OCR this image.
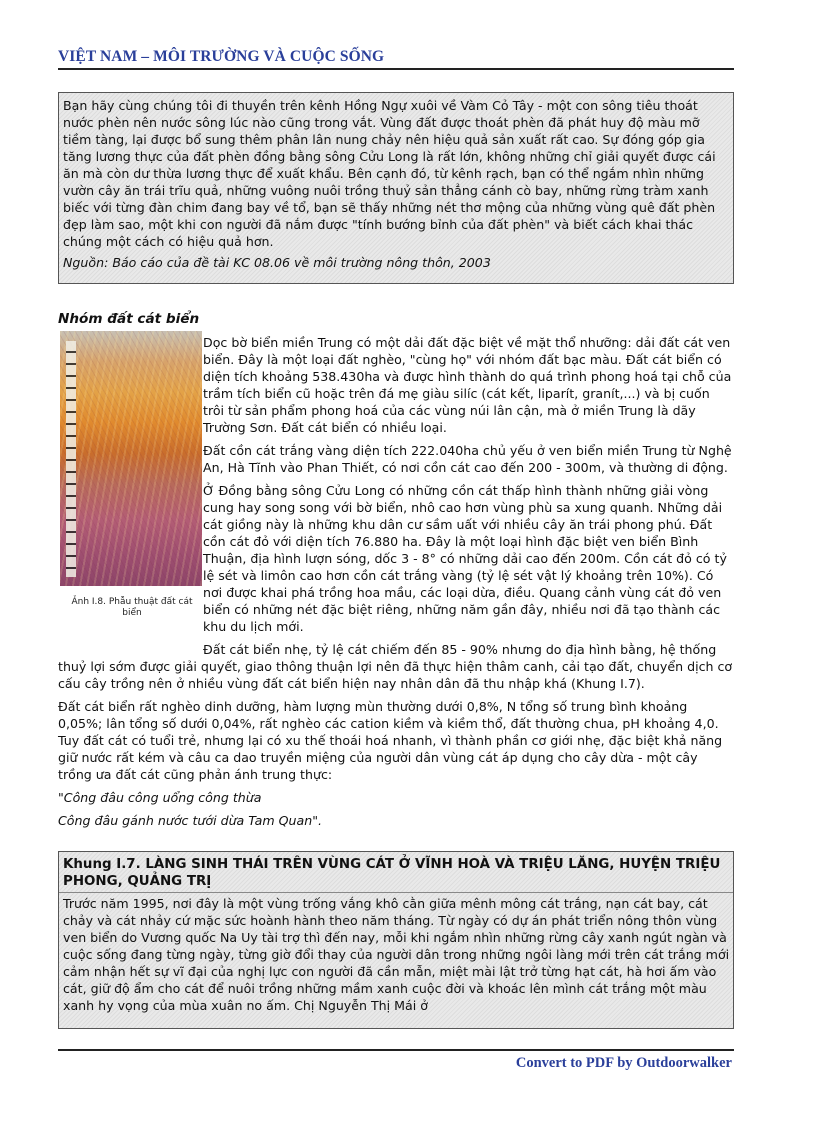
VIỆT NAM – MÔI TRƯỜNG VÀ CUỘC SỐNG
Bạn hãy cùng chúng tôi đi thuyền trên kênh Hồng Ngự xuôi về Vàm Cỏ Tây - một con sông tiêu thoát nước phèn nên nước sông lúc nào cũng trong vắt. Vùng đất được thoát phèn đã phát huy độ màu mỡ tiềm tàng, lại được bổ sung thêm phân lân nung chảy nên hiệu quả sản xuất rất cao. Sự đóng góp gia tăng lương thực của đất phèn đồng bằng sông Cửu Long là rất lớn, không những chỉ giải quyết được cái ăn mà còn dư thừa lương thực để xuất khẩu. Bên cạnh đó, từ kênh rạch, bạn có thể ngắm nhìn những vườn cây ăn trái trĩu quả, những vuông nuôi trồng thuỷ sản thẳng cánh cò bay, những rừng tràm xanh biếc với từng đàn chim đang bay về tổ, bạn sẽ thấy những nét thơ mộng của những vùng quê đất phèn đẹp làm sao, một khi con người đã nắm được "tính bướng bỉnh của đất phèn" và biết cách khai thác chúng một cách có hiệu quả hơn.
Nguồn: Báo cáo của đề tài KC 08.06 về môi trường nông thôn, 2003
Nhóm đất cát biển
Ảnh I.8. Phẫu thuật đất cát biển

Dọc bờ biển miền Trung có một dải đất đặc biệt về mặt thổ nhưỡng: dải đất cát ven biển. Đây là một loại đất nghèo, "cùng họ" với nhóm đất bạc màu. Đất cát biển có diện tích khoảng 538.430ha và được hình thành do quá trình phong hoá tại chỗ của trầm tích biển cũ hoặc trên đá mẹ giàu silíc (cát kết, liparít, granít,...) và bị cuốn trôi từ sản phẩm phong hoá của các vùng núi lân cận, mà ở miền Trung là dãy Trường Sơn. Đất cát biển có nhiều loại.

Đất cồn cát trắng vàng diện tích 222.040ha chủ yếu ở ven biển miền Trung từ Nghệ An, Hà Tĩnh vào Phan Thiết, có nơi cồn cát cao đến 200 - 300m, và thường di động.

Ở Đồng bằng sông Cửu Long có những cồn cát thấp hình thành những giải vòng cung hay song song với bờ biển, nhô cao hơn vùng phù sa xung quanh. Những dải cát giồng này là những khu dân cư sầm uất với nhiều cây ăn trái phong phú. Đất cồn cát đỏ với diện tích 76.880 ha. Đây là một loại hình đặc biệt ven biển Bình Thuận, địa hình lượn sóng, dốc 3 - 8° có những dải cao đến 200m. Cồn cát đỏ có tỷ lệ sét và limôn cao hơn cồn cát trắng vàng (tỷ lệ sét vật lý khoảng trên 10%). Có nơi được khai phá trồng hoa mầu, các loại dừa, điều. Quang cảnh vùng cát đỏ ven biển có những nét đặc biệt riêng, những năm gần đây, nhiều nơi đã tạo thành các khu du lịch mới.

Đất cát biển nhẹ, tỷ lệ cát chiếm đến 85 - 90% nhưng do địa hình bằng, hệ thống thuỷ lợi sớm được giải quyết, giao thông thuận lợi nên đã thực hiện thâm canh, cải tạo đất, chuyển dịch cơ cấu cây trồng nên ở nhiều vùng đất cát biển hiện nay nhân dân đã thu nhập khá (Khung I.7).

Đất cát biển rất nghèo dinh dưỡng, hàm lượng mùn thường dưới 0,8%, N tổng số trung bình khoảng 0,05%; lân tổng số dưới 0,04%, rất nghèo các cation kiềm và kiềm thổ, đất thường chua, pH khoảng 4,0. Tuy đất cát có tuổi trẻ, nhưng lại có xu thế thoái hoá nhanh, vì thành phần cơ giới nhẹ, đặc biệt khả năng giữ nước rất kém và câu ca dao truyền miệng của người dân vùng cát áp dụng cho cây dừa - một cây trồng ưa đất cát cũng phản ánh trung thực:

"Công đâu công uổng công thừa
Công đâu gánh nước tưới dừa Tam Quan".
Khung I.7. LÀNG SINH THÁI TRÊN VÙNG CÁT Ở VĨNH HOÀ VÀ TRIỆU LĂNG, HUYỆN TRIỆU PHONG, QUẢNG TRỊ
Trước năm 1995, nơi đây là một vùng trống vắng khô cằn giữa mênh mông cát trắng, nạn cát bay, cát chảy và cát nhảy cứ mặc sức hoành hành theo năm tháng. Từ ngày có dự án phát triển nông thôn vùng ven biển do Vương quốc Na Uy tài trợ thì đến nay, mỗi khi ngắm nhìn những rừng cây xanh ngút ngàn và cuộc sống đang từng ngày, từng giờ đổi thay của người dân trong những ngôi làng mới trên cát trắng mới cảm nhận hết sự vĩ đại của nghị lực con người đã cần mẫn, miệt mài lật trở từng hạt cát, hà hơi ấm vào cát, giữ độ ẩm cho cát để nuôi trồng những mầm xanh cuộc đời và khoác lên mình cát trắng một màu xanh hy vọng của mùa xuân no ấm. Chị Nguyễn Thị Mái ở
Convert to PDF by Outdoorwalker
